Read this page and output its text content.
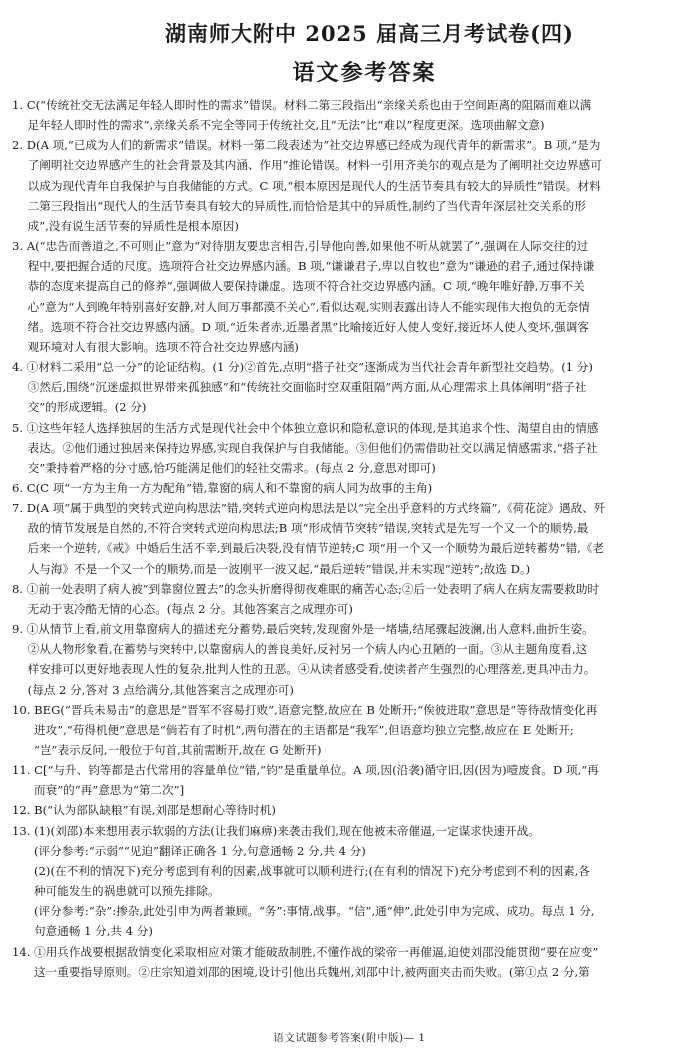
湖南师大附中 2025 届高三月考试卷(四)
语文参考答案
1. C(“传统社交无法满足年轻人即时性的需求”错误。材料二第三段指出“亲缘关系也由于空间距离的阻隔而难以满
足年轻人即时性的需求”,亲缘关系不完全等同于传统社交,且“无法”比“难以”程度更深。选项曲解文意)
2. D(A 项,“已成为人们的新需求”错误。材料一第二段表述为“社交边界感已经成为现代青年的新需求”。B 项,“是为
了阐明社交边界感产生的社会背景及其内涵、作用”推论错误。材料一引用齐美尔的观点是为了阐明社交边界感可
以成为现代青年自我保护与自我储能的方式。C 项,“根本原因是现代人的生活节奏具有较大的异质性”错误。材料
二第三段指出“现代人的生活节奏具有较大的异质性,而恰恰是其中的异质性,制约了当代青年深层社交关系的形
成”,没有说生活节奏的异质性是根本原因)
3. A(“忠告而善道之,不可则止”意为“对待朋友要忠言相告,引导他向善,如果他不听从就罢了”,强调在人际交往的过
程中,要把握合适的尺度。选项符合社交边界感内涵。B 项,“谦谦君子,卑以自牧也”意为“谦逊的君子,通过保持谦
恭的态度来提高自己的修养”,强调做人要保持谦虚。选项不符合社交边界感内涵。C 项,“晚年唯好静,万事不关
心”意为“人到晚年特别喜好安静,对人间万事都漠不关心”,看似达观,实则表露出诗人不能实现伟大抱负的无奈情
绪。选项不符合社交边界感内涵。D 项,“近朱者赤,近墨者黑”比喻接近好人使人变好,接近坏人使人变坏,强调客
观环境对人有很大影响。选项不符合社交边界感内涵)
4. ①材料二采用“总一分”的论证结构。(1 分)②首先,点明“搭子社交”逐渐成为当代社会青年新型社交趋势。(1 分)
③然后,围绕“沉迷虚拟世界带来孤独感”和“传统社交面临时空双重阻隔”两方面,从心理需求上具体阐明“搭子社
交”的形成逻辑。(2 分)
5. ①这些年轻人选择独居的生活方式是现代社会中个体独立意识和隐私意识的体现,是其追求个性、渴望自由的情感
表达。②他们通过独居来保持边界感,实现自我保护与自我储能。③但他们仍需借助社交以满足情感需求,“搭子社
交”秉持着严格的分寸感,恰巧能满足他们的轻社交需求。(每点 2 分,意思对即可)
6. C(C 项“一方为主角一方为配角”错,靠窗的病人和不靠窗的病人同为故事的主角)
7. D(A 项“属于典型的突转式逆向构思法”错,突转式逆向构思法是以“完全出乎意料的方式终篇”,《荷花淀》遇敌、歼
敌的情节发展是自然的,不符合突转式逆向构思法;B 项“形成情节突转”错误,突转式是先写一个又一个的顺势,最
后来一个逆转,《戒》中婚后生活不幸,到最后决裂,没有情节逆转;C 项“用一个又一个顺势为最后逆转蓄势”错,《老
人与海》不是一个又一个的顺势,而是一波刚平一波又起,“最后逆转”错误,并未实现“逆转”;故选 D。)
8. ①前一处表明了病人被“到靠窗位置去”的念头折磨得彻夜难眠的痛苦心态;②后一处表明了病人在病友需要救助时
无动于衷冷酷无情的心态。(每点 2 分。其他答案言之成理亦可)
9. ①从情节上看,前文用靠窗病人的描述充分蓄势,最后突转,发现窗外是一堵墙,结尾骤起波澜,出人意料,曲折生姿。
②从人物形象看,在蓄势与突转中,以靠窗病人的善良美好,反衬另一个病人内心丑陋的一面。③从主题角度看,这
样安排可以更好地表现人性的复杂,批判人性的丑恶。④从读者感受看,使读者产生强烈的心理落差,更具冲击力。
(每点 2 分,答对 3 点给满分,其他答案言之成理亦可)
10. BEG(“晋兵未易击”的意思是“晋军不容易打败”,语意完整,故应在 B 处断开;“俟彼进取”意思是“等待敌情变化再
进攻”,“苟得机便”意思是“倘若有了时机”,两句潜在的主语都是“我军”,但语意均独立完整,故应在 E 处断开;
“岂”表示反问,一般位于句首,其前需断开,故在 G 处断开)
11. C[“与升、钧等都是古代常用的容量单位”错,“钧”是重量单位。A 项,因(沿袭)循守旧,因(因为)噎废食。D 项,“再
而衰”的“再”意思为“第二次”]
12. B(“认为部队缺粮”有误,刘邵是想耐心等待时机)
13. (1)(刘邵)本来想用表示软弱的方法(让我们麻痹)来袭击我们,现在他被末帝催逼,一定谋求快速开战。
(评分参考:“示弱”“见迫”翻译正确各 1 分,句意通畅 2 分,共 4 分)
(2)(在不利的情况下)充分考虑到有利的因素,战事就可以顺利进行;(在有利的情况下)充分考虑到不利的因素,各
种可能发生的祸患就可以预先排除。
(评分参考:“杂”:掺杂,此处引申为两者兼顾。“务”:事情,战事。“信”,通“伸”,此处引申为完成、成功。每点 1 分,
句意通畅 1 分,共 4 分)
14. ①用兵作战要根据敌情变化采取相应对策才能破敌制胜,不懂作战的梁帝一再催逼,迫使刘邵没能贯彻“要在应变”
这一重要指导原则。②庄宗知道刘邵的困境,设计引他出兵魏州,刘邵中计,被两面夹击而失败。(第①点 2 分,第
语文试题参考答案(附中版)— 1
